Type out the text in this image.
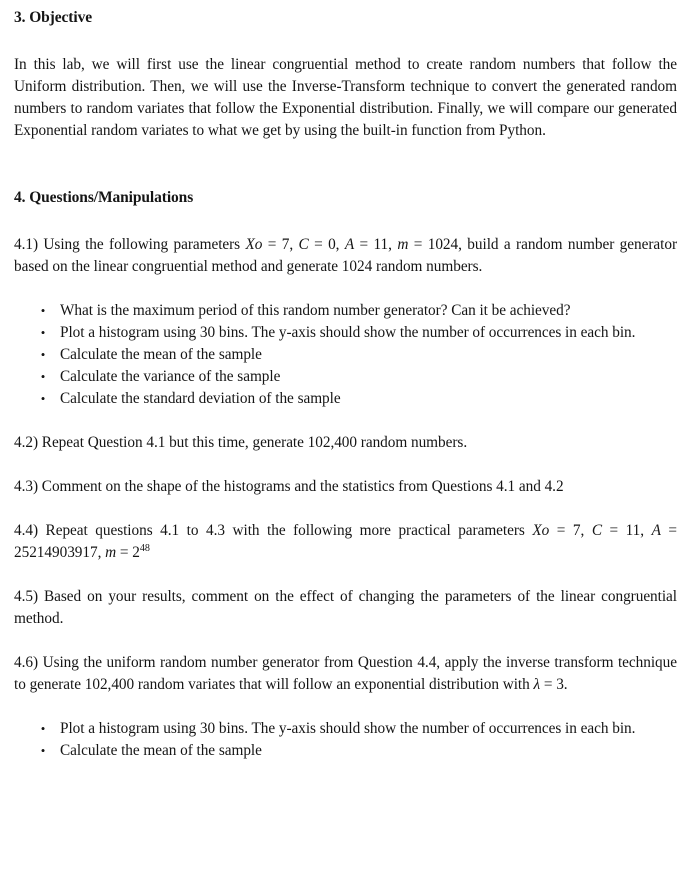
3. Objective

In this lab, we will first use the linear congruential method to create random numbers that follow the Uniform distribution. Then, we will use the Inverse-Transform technique to convert the generated random numbers to random variates that follow the Exponential distribution. Finally, we will compare our generated Exponential random variates to what we get by using the built-in function from Python.

4. Questions/Manipulations

4.1) Using the following parameters Xo = 7, C = 0, A = 11, m = 1024, build a random number generator based on the linear congruential method and generate 1024 random numbers.

• What is the maximum period of this random number generator? Can it be achieved?
• Plot a histogram using 30 bins. The y-axis should show the number of occurrences in each bin.
• Calculate the mean of the sample
• Calculate the variance of the sample
• Calculate the standard deviation of the sample

4.2) Repeat Question 4.1 but this time, generate 102,400 random numbers.

4.3) Comment on the shape of the histograms and the statistics from Questions 4.1 and 4.2

4.4) Repeat questions 4.1 to 4.3 with the following more practical parameters Xo = 7, C = 11, A = 25214903917, $m = 2^{48}$

4.5) Based on your results, comment on the effect of changing the parameters of the linear congruential method.

4.6) Using the uniform random number generator from Question 4.4, apply the inverse transform technique to generate 102,400 random variates that will follow an exponential distribution with λ = 3.

• Plot a histogram using 30 bins. The y-axis should show the number of occurrences in each bin.
• Calculate the mean of the sample
